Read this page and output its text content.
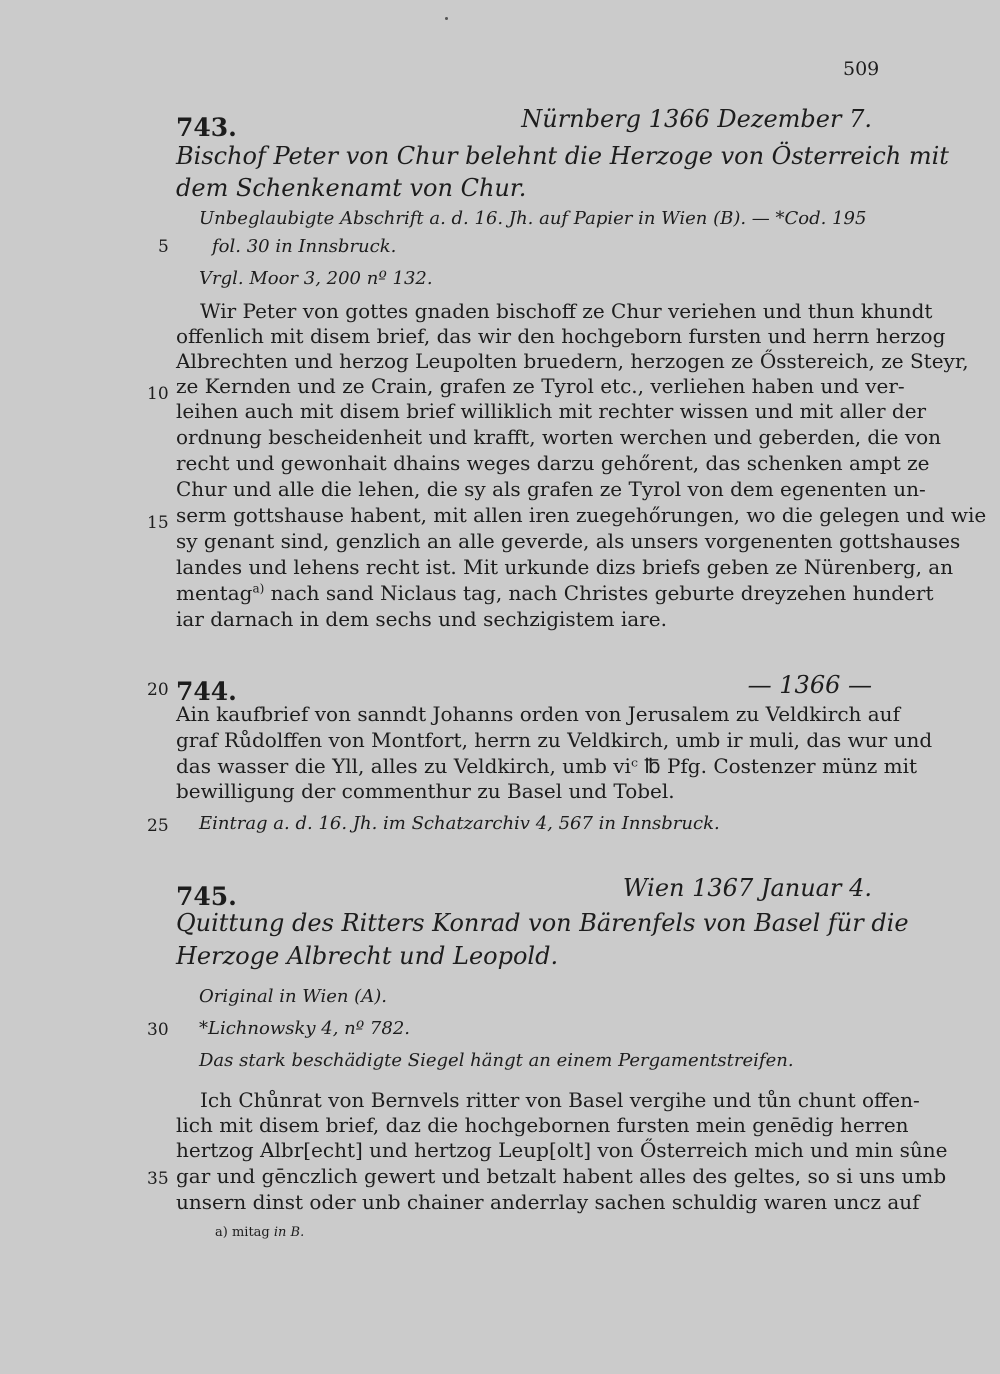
509
743.	Nürnberg 1366 Dezember 7.
Bischof Peter von Chur belehnt die Herzoge von Österreich mit
dem Schenkenamt von Chur.
Unbeglaubigte Abschrift a. d. 16. Jh. auf Papier in Wien (B). — *Cod. 195
fol. 30 in Innsbruck.
Vrgl. Moor 3, 200 nº 132.
Wir Peter von gottes gnaden bischoff ze Chur veriehen und thun khundt
offenlich mit disem brief, das wir den hochgeborn fursten und herrn herzog
Albrechten und herzog Leupolten bruedern, herzogen ze Ősstereich, ze Steyr,
ze Kernden und ze Crain, grafen ze Tyrol etc., verliehen haben und ver-
leihen auch mit disem brief williklich mit rechter wissen und mit aller der
ordnung bescheidenheit und krafft, worten werchen und geberden, die von
recht und gewonhait dhains weges darzu gehőrent, das schenken ampt ze
Chur und alle die lehen, die sy als grafen ze Tyrol von dem egenenten un-
serm gottshause habent, mit allen iren zuegehőrungen, wo die gelegen und wie
sy genant sind, genzlich an alle geverde, als unsers vorgenenten gottshauses
landes und lehens recht ist. Mit urkunde dizs briefs geben ze Nürenberg, an
mentag$^{a)}$ nach sand Niclaus tag, nach Christes geburte dreyzehen hundert
iar darnach in dem sechs und sechzigistem iare.
744.	— 1366 —
Ain kaufbrief von sanndt Johanns orden von Jerusalem zu Veldkirch auf
graf Růdolffen von Montfort, herrn zu Veldkirch, umb ir muli, das wur und
das wasser die Yll, alles zu Veldkirch, umb viᶜ ℔ Pfg. Costenzer münz mit
bewilligung der commenthur zu Basel und Tobel.
Eintrag a. d. 16. Jh. im Schatzarchiv 4, 567 in Innsbruck.
745.	Wien 1367 Januar 4.
Quittung des Ritters Konrad von Bärenfels von Basel für die
Herzoge Albrecht und Leopold.
Original in Wien (A).
*Lichnowsky 4, nº 782.
Das stark beschädigte Siegel hängt an einem Pergamentstreifen.
Ich Chůnrat von Bernvels ritter von Basel vergihe und tůn chunt offen-
lich mit disem brief, daz die hochgebornen fursten mein genēdig herren
hertzog Albr[echt] und hertzog Leup[olt] von Ősterreich mich und min sûne
gar und gēnczlich gewert und betzalt habent alles des geltes, so si uns umb
unsern dinst oder unb chainer anderrlay sachen schuldig waren uncz auf
5
10
15
20
25
30
35
a) mitag in B.
